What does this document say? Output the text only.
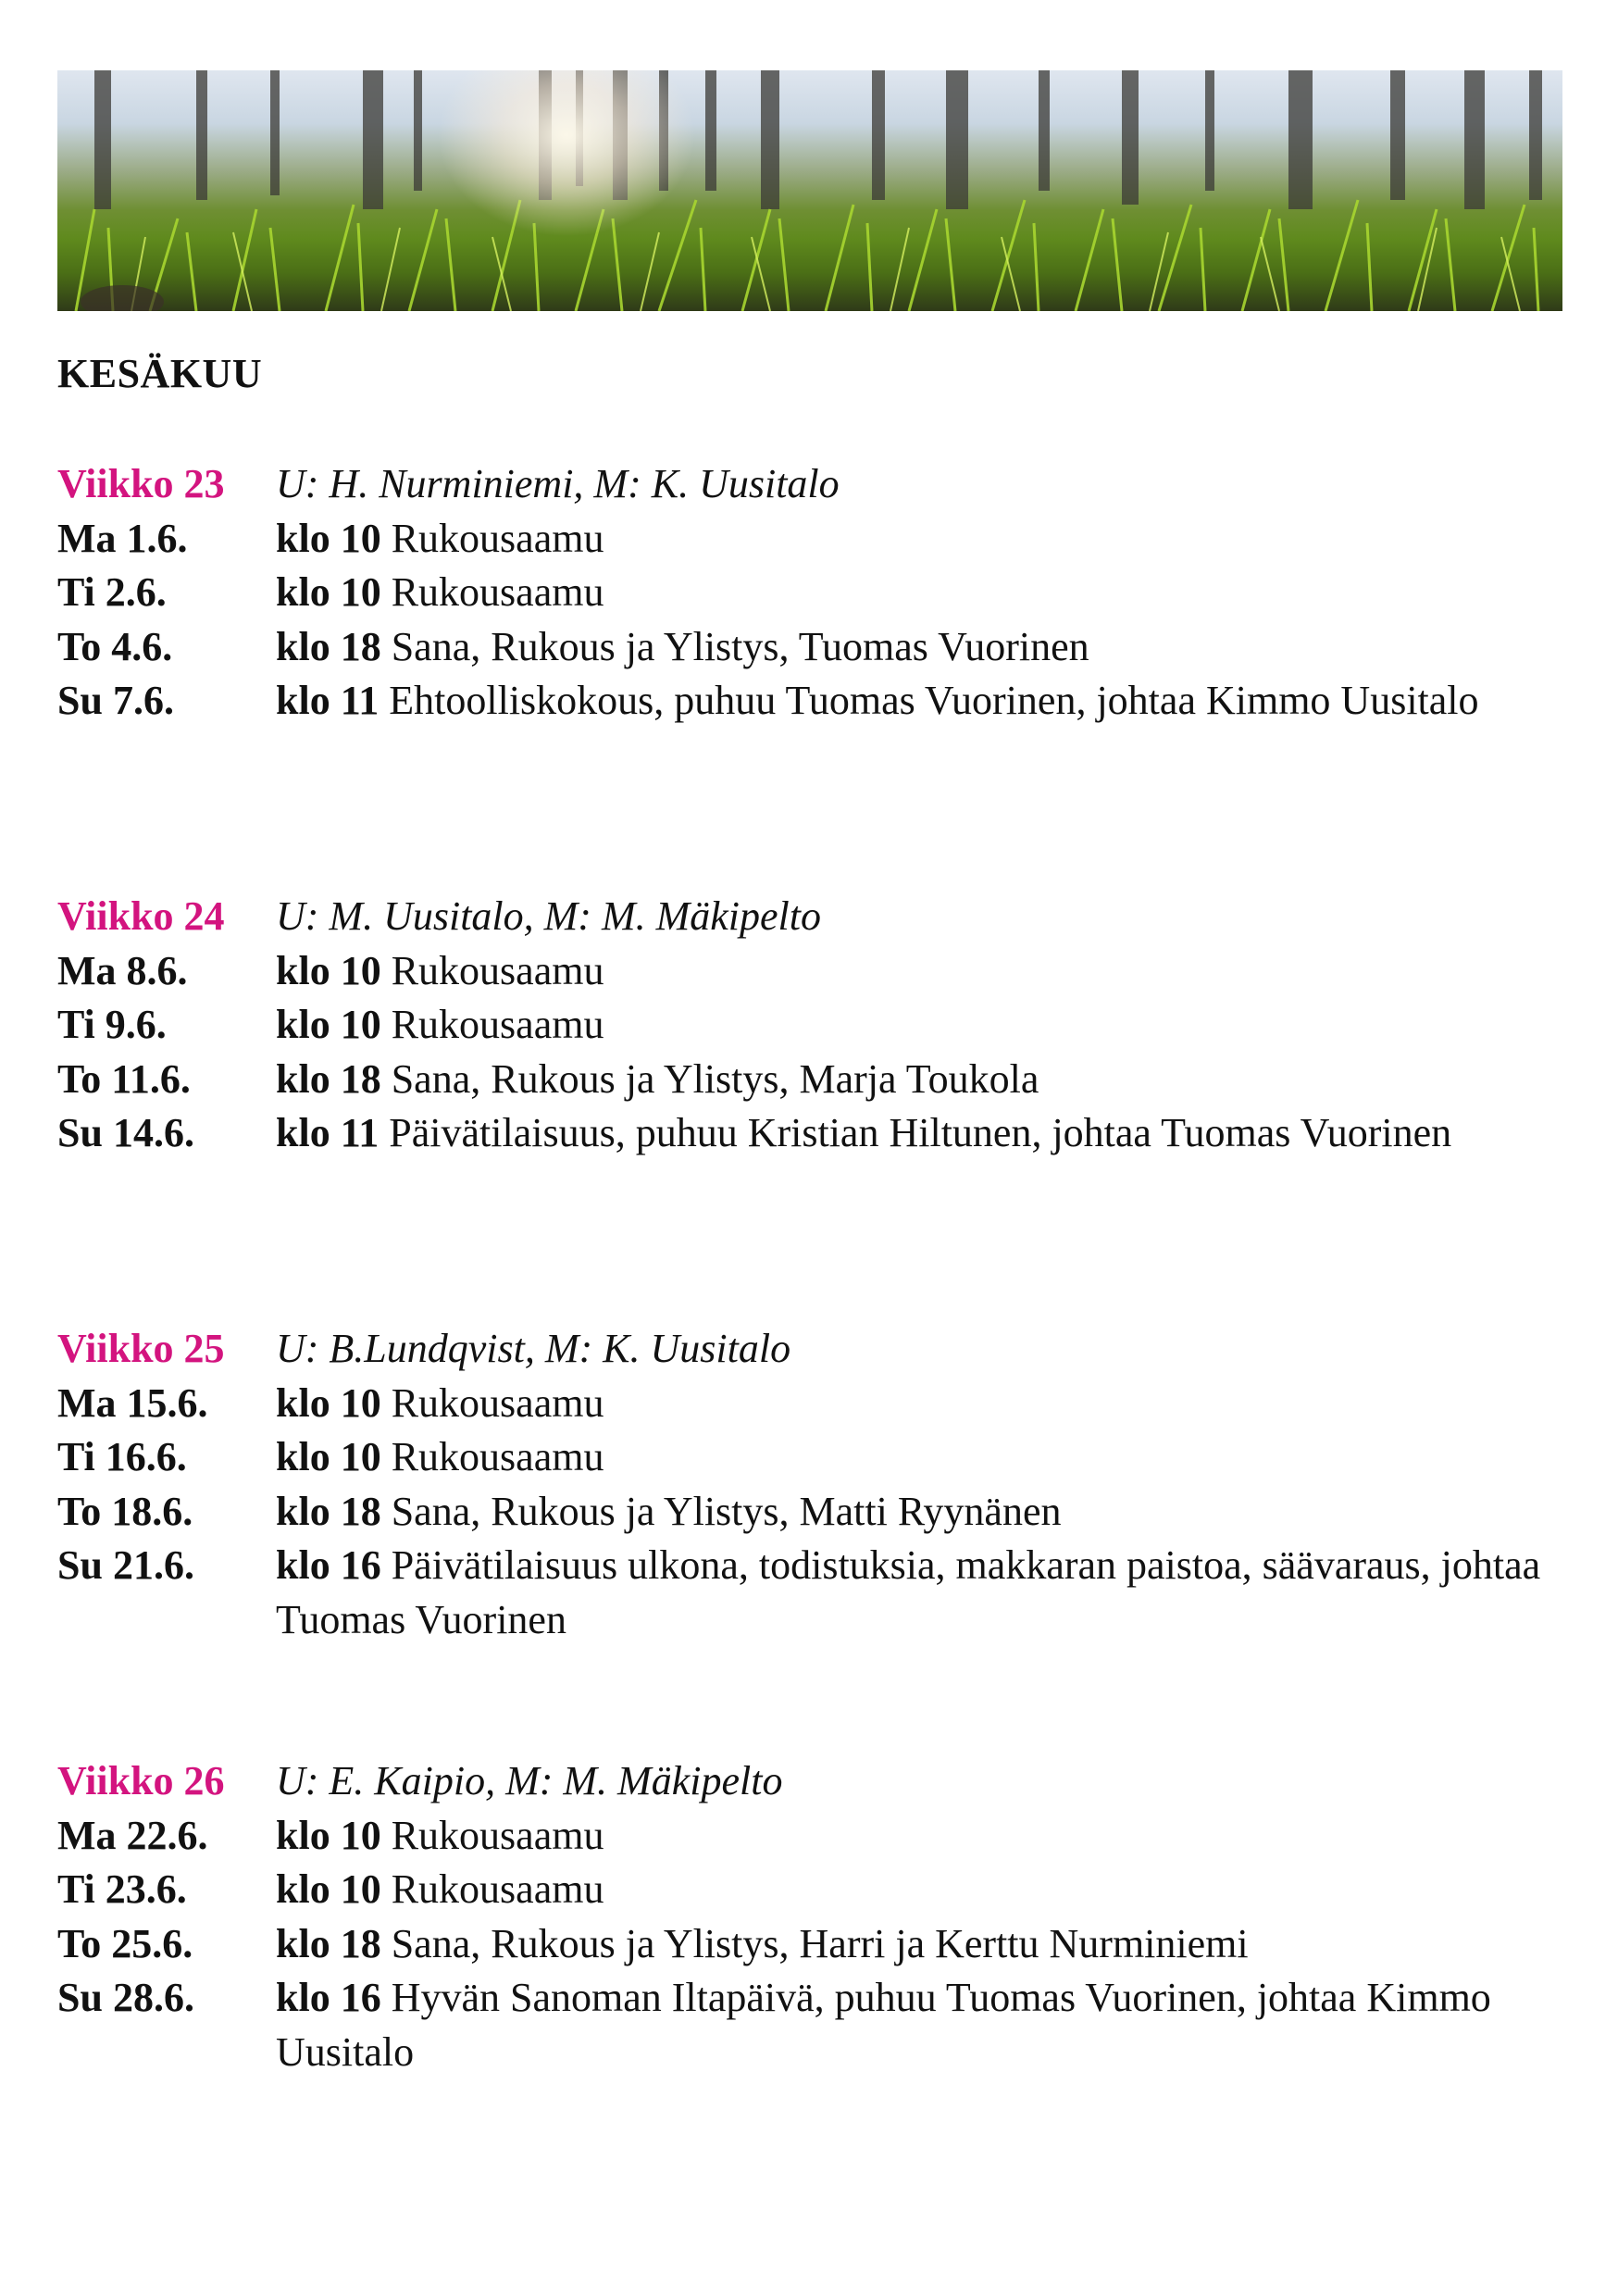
KESÄKUU
Viikko 23	U: H. Nurminiemi, M: K. Uusitalo
Ma 1.6.	klo 10 Rukousaamu
Ti 2.6.	klo 10 Rukousaamu
To 4.6.	klo 18 Sana, Rukous ja Ylistys, Tuomas Vuorinen
Su 7.6.	klo 11 Ehtoolliskokous, puhuu Tuomas Vuorinen, johtaa Kimmo Uusitalo
Viikko 24	U: M. Uusitalo, M: M. Mäkipelto
Ma 8.6.	klo 10 Rukousaamu
Ti 9.6.	klo 10 Rukousaamu
To 11.6.	klo 18 Sana, Rukous ja Ylistys, Marja Toukola
Su 14.6.	klo 11 Päivätilaisuus, puhuu Kristian Hiltunen, johtaa Tuomas Vuorinen
Viikko 25	U: B.Lundqvist, M: K. Uusitalo
Ma 15.6.	klo 10 Rukousaamu
Ti 16.6.	klo 10 Rukousaamu
To 18.6.	klo 18 Sana, Rukous ja Ylistys, Matti Ryynänen
Su 21.6.	klo 16 Päivätilaisuus ulkona, todistuksia, makkaran paistoa, säävaraus, johtaa Tuomas Vuorinen
Viikko 26	U: E. Kaipio, M: M. Mäkipelto
Ma 22.6.	klo 10 Rukousaamu
Ti 23.6.	klo 10 Rukousaamu
To 25.6.	klo 18 Sana, Rukous ja Ylistys, Harri ja Kerttu Nurminiemi
Su 28.6.	klo 16 Hyvän Sanoman Iltapäivä, puhuu Tuomas Vuorinen, johtaa Kimmo Uusitalo
